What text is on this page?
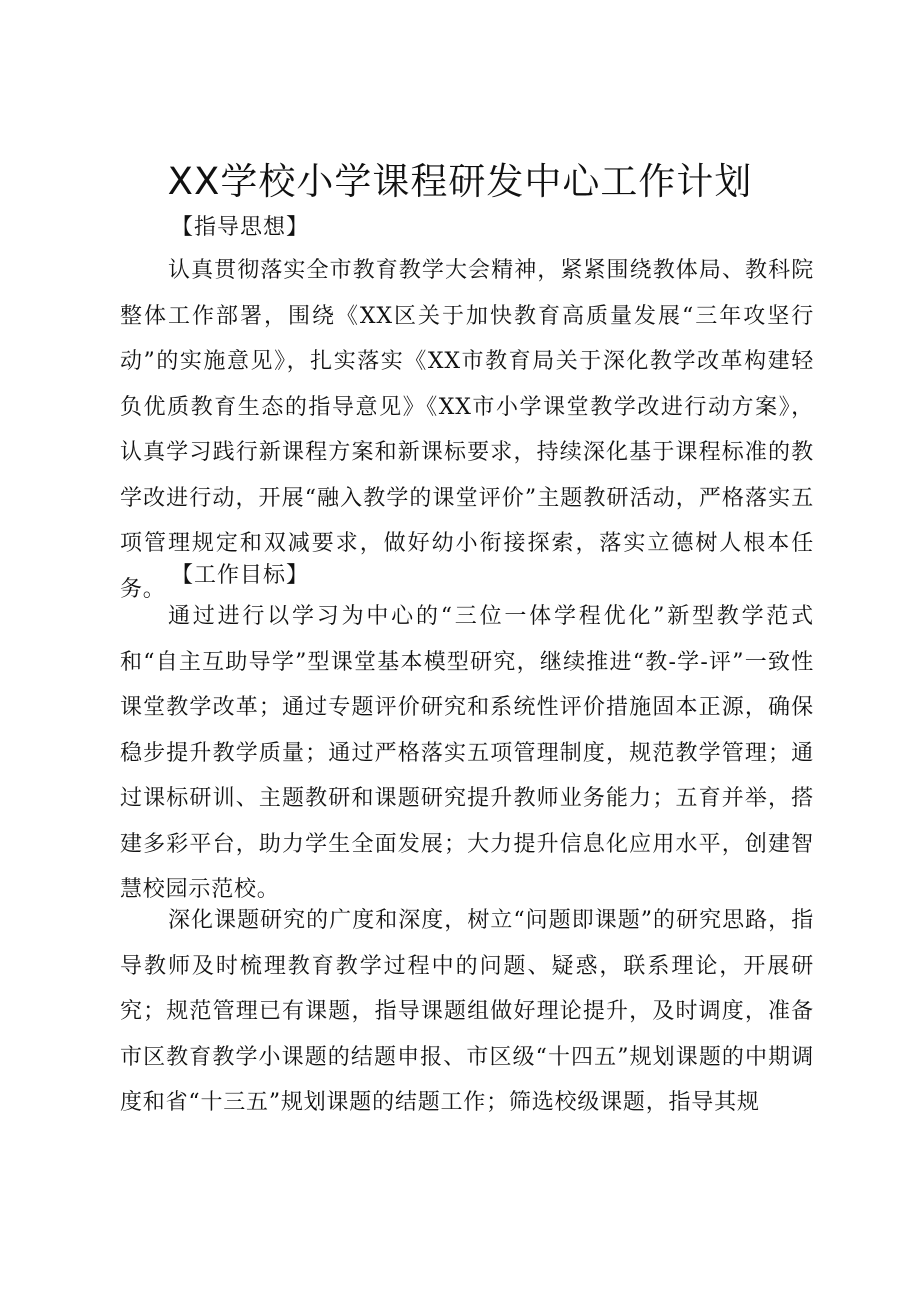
XX学校小学课程研发中心工作计划
【指导思想】

认真贯彻落实全市教育教学大会精神，紧紧围绕教体局、教科院整体工作部署，围绕《XX区关于加快教育高质量发展“三年攻坚行动”的实施意见》，扎实落实《XX市教育局关于深化教学改革构建轻负优质教育生态的指导意见》《XX市小学课堂教学改进行动方案》，认真学习践行新课程方案和新课标要求，持续深化基于课程标准的教学改进行动，开展“融入教学的课堂评价”主题教研活动，严格落实五项管理规定和双减要求，做好幼小衔接探索，落实立德树人根本任务。

【工作目标】

通过进行以学习为中心的“三位一体学程优化”新型教学范式和“自主互助导学”型课堂基本模型研究，继续推进“教-学-评”一致性课堂教学改革；通过专题评价研究和系统性评价措施固本正源，确保稳步提升教学质量；通过严格落实五项管理制度，规范教学管理；通过课标研训、主题教研和课题研究提升教师业务能力；五育并举，搭建多彩平台，助力学生全面发展；大力提升信息化应用水平，创建智慧校园示范校。

深化课题研究的广度和深度，树立“问题即课题”的研究思路，指导教师及时梳理教育教学过程中的问题、疑惑，联系理论，开展研究；规范管理已有课题，指导课题组做好理论提升，及时调度，准备市区教育教学小课题的结题申报、市区级“十四五”规划课题的中期调度和省“十三五”规划课题的结题工作；筛选校级课题，指导其规
